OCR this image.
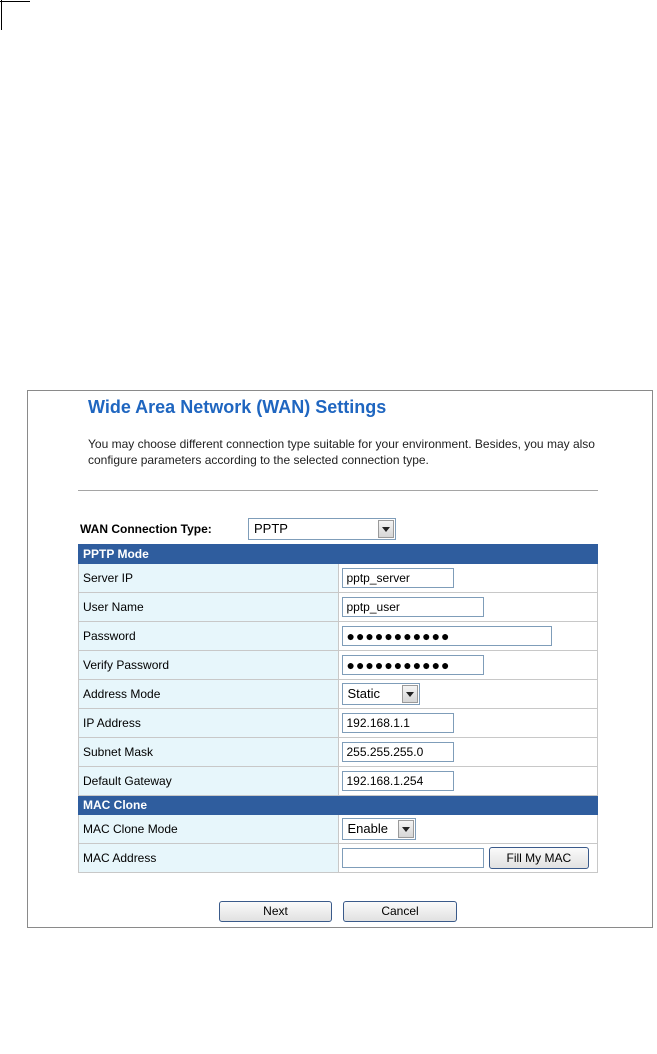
Wide Area Network (WAN) Settings
You may choose different connection type suitable for your environment. Besides, you may also configure parameters according to the selected connection type.
WAN Connection Type:	PPTP
PPTP Mode	
Server IP	pptp_server
User Name	pptp_user
Password	●●●●●●●●●●●
Verify Password	●●●●●●●●●●●
Address Mode	Static

IP Address	192.168.1.1
Subnet Mask	255.255.255.0
Default Gateway	192.168.1.254
MAC Clone	
MAC Clone Mode	Enable

MAC Address	Fill My MAC
Next	Cancel
